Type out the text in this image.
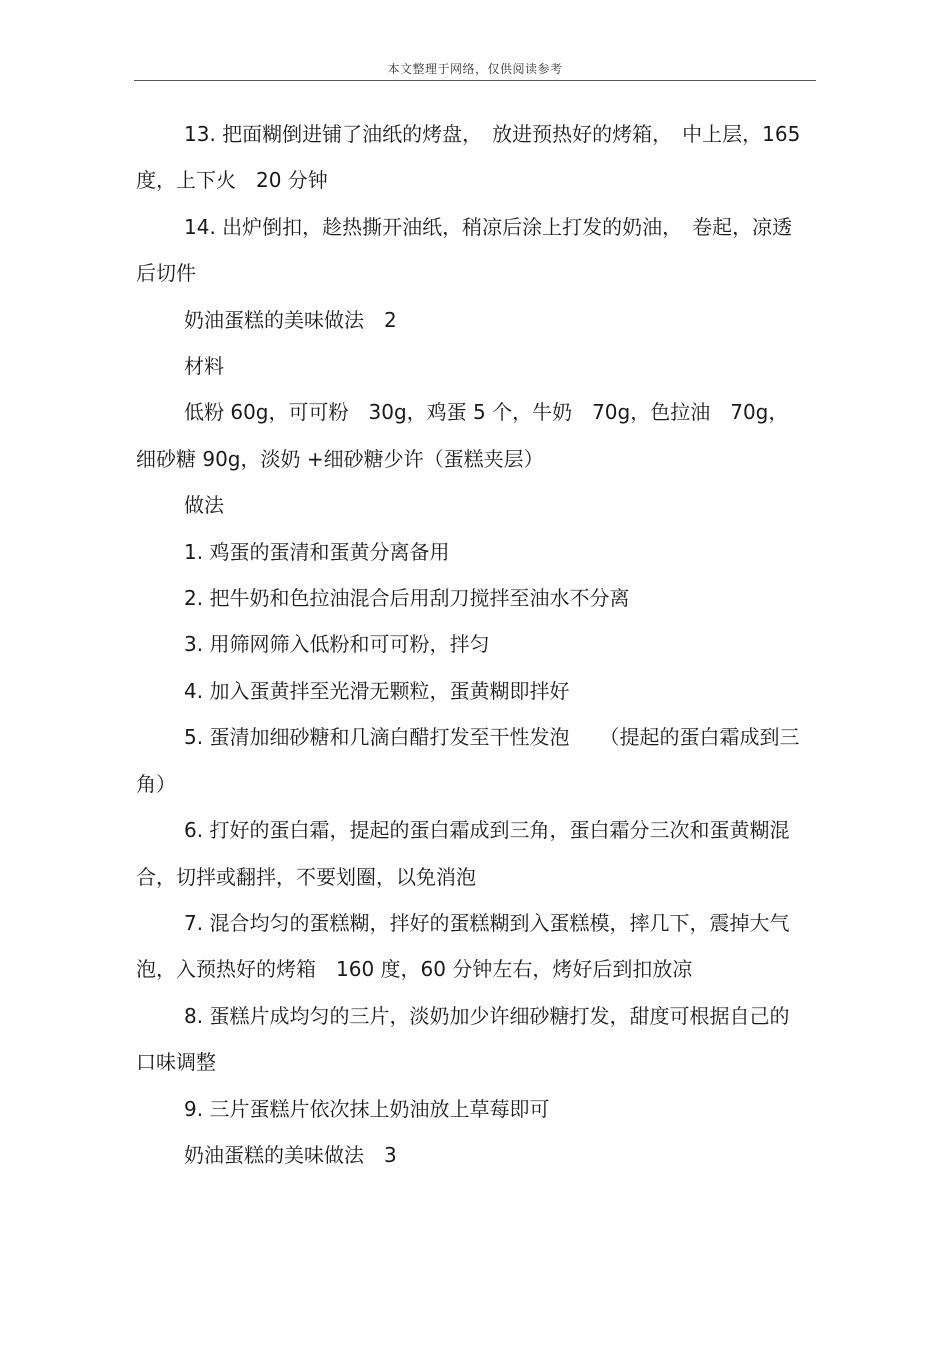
本文整理于网络，仅供阅读参考

13. 把面糊倒进铺了油纸的烤盘，　放进预热好的烤箱，　中上层，165 度，上下火　20 分钟

14. 出炉倒扣，趁热撕开油纸，稍凉后涂上打发的奶油，　卷起，凉透后切件

奶油蛋糕的美味做法　2

材料

低粉 60g，可可粉　30g，鸡蛋 5 个，牛奶　70g，色拉油　70g，细砂糖 90g，淡奶 +细砂糖少许（蛋糕夹层）

做法

1. 鸡蛋的蛋清和蛋黄分离备用

2. 把牛奶和色拉油混合后用刮刀搅拌至油水不分离

3. 用筛网筛入低粉和可可粉，拌匀

4. 加入蛋黄拌至光滑无颗粒，蛋黄糊即拌好

5. 蛋清加细砂糖和几滴白醋打发至干性发泡　　（提起的蛋白霜成到三角）

6. 打好的蛋白霜，提起的蛋白霜成到三角，蛋白霜分三次和蛋黄糊混合，切拌或翻拌，不要划圈，以免消泡

7. 混合均匀的蛋糕糊，拌好的蛋糕糊到入蛋糕模，摔几下，震掉大气泡，入预热好的烤箱　160 度，60 分钟左右，烤好后到扣放凉

8. 蛋糕片成均匀的三片，淡奶加少许细砂糖打发，甜度可根据自己的口味调整

9. 三片蛋糕片依次抹上奶油放上草莓即可

奶油蛋糕的美味做法　3
